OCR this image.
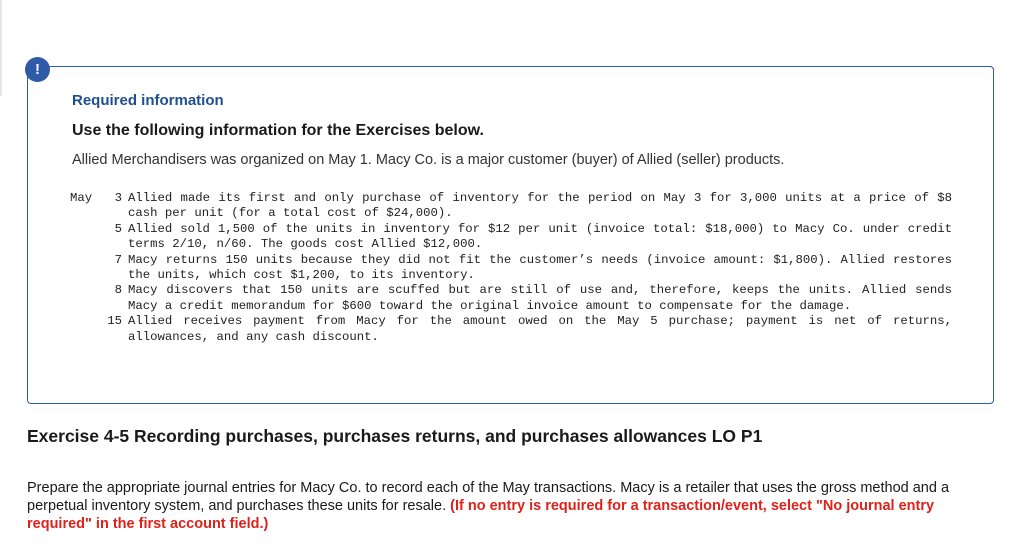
!
Required information
Use the following information for the Exercises below.
Allied Merchandisers was organized on May 1. Macy Co. is a major customer (buyer) of Allied (seller) products.
May	3	Allied made its first and only purchase of inventory for the period on May 3 for 3,000 units at a price of $8 cash per unit (for a total cost of $24,000).
	5	Allied sold 1,500 of the units in inventory for $12 per unit (invoice total: $18,000) to Macy Co. under credit terms 2/10, n/60. The goods cost Allied $12,000.
	7	Macy returns 150 units because they did not fit the customer’s needs (invoice amount: $1,800). Allied restores the units, which cost $1,200, to its inventory.
	8	Macy discovers that 150 units are scuffed but are still of use and, therefore, keeps the units. Allied sends Macy a credit memorandum for $600 toward the original invoice amount to compensate for the damage.
	15	Allied receives payment from Macy for the amount owed on the May 5 purchase; payment is net of returns, allowances, and any cash discount.
Exercise 4-5 Recording purchases, purchases returns, and purchases allowances LO P1
Prepare the appropriate journal entries for Macy Co. to record each of the May transactions. Macy is a retailer that uses the gross method and a perpetual inventory system, and purchases these units for resale. (If no entry is required for a transaction/event, select "No journal entry required" in the first account field.)
